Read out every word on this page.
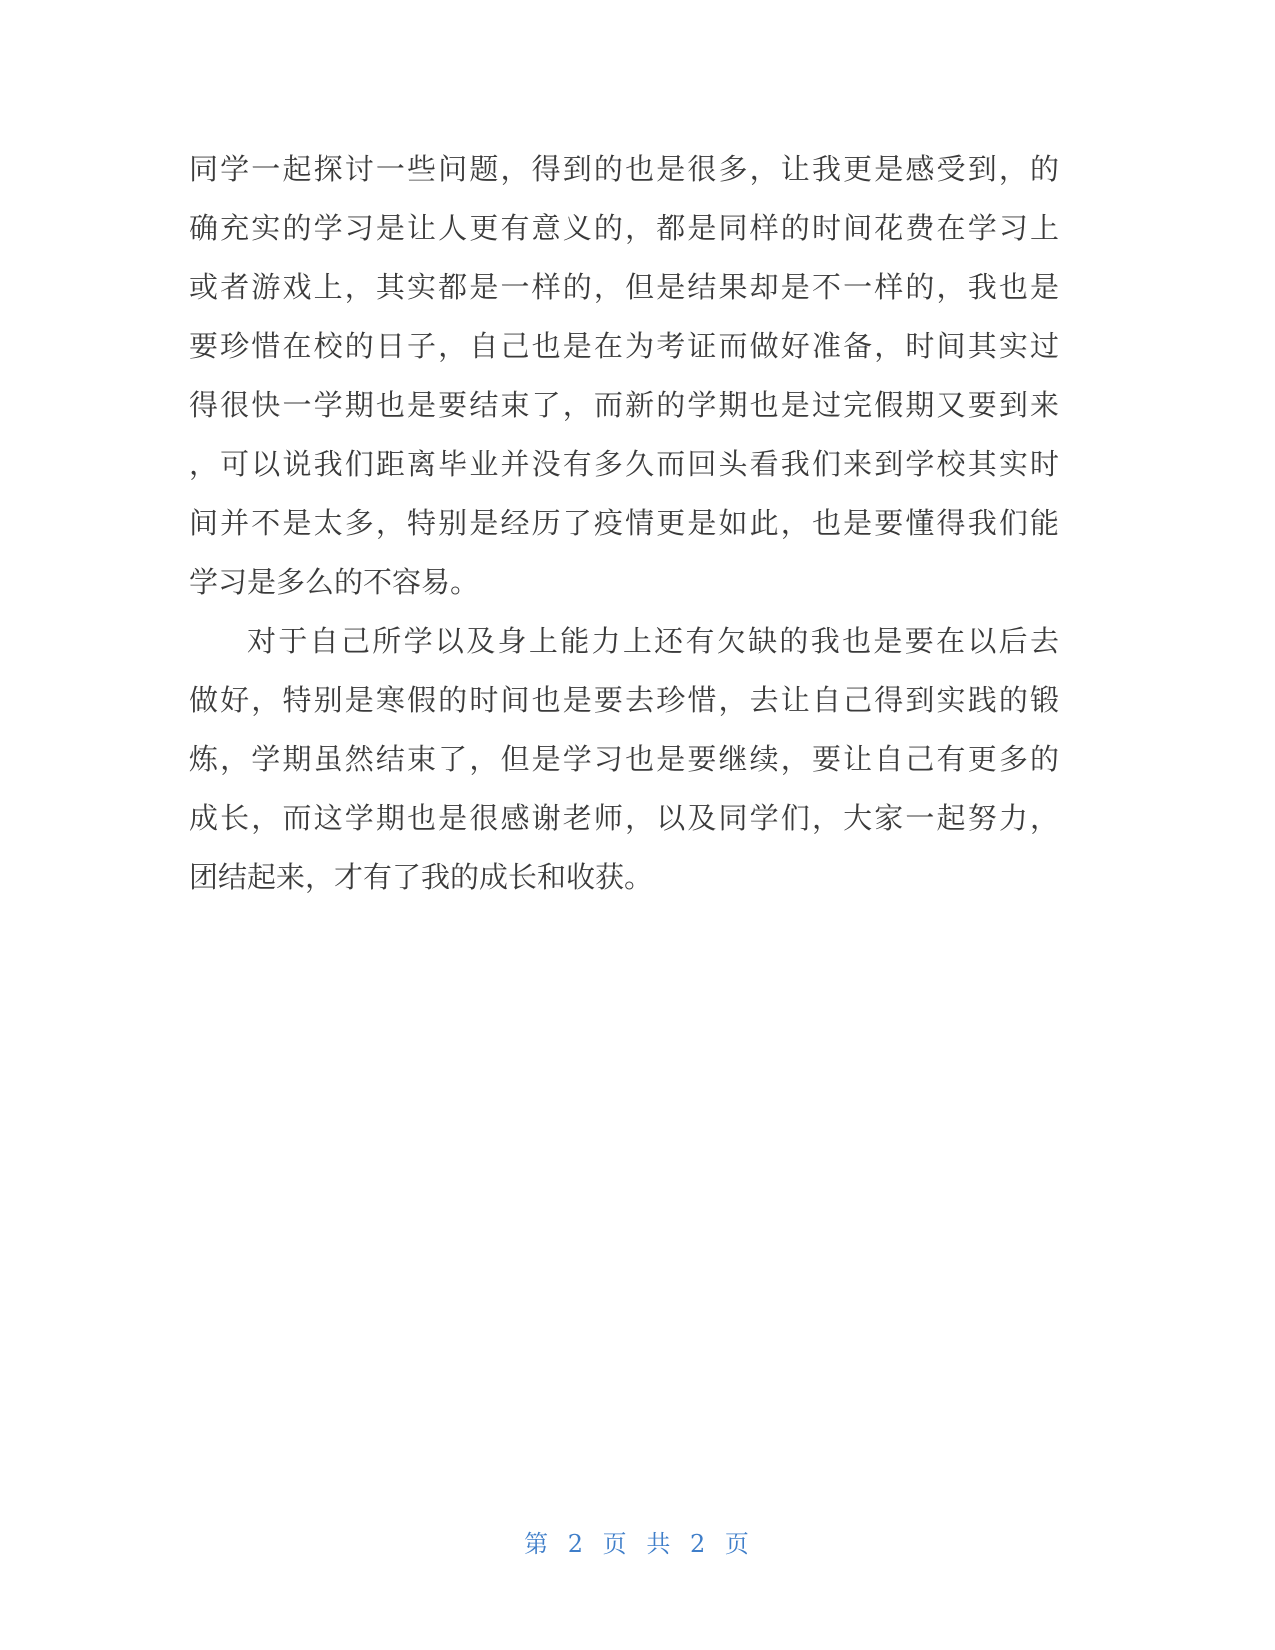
同学一起探讨一些问题，得到的也是很多，让我更是感受到，的
确充实的学习是让人更有意义的，都是同样的时间花费在学习上
或者游戏上，其实都是一样的，但是结果却是不一样的，我也是
要珍惜在校的日子，自己也是在为考证而做好准备，时间其实过
得很快一学期也是要结束了，而新的学期也是过完假期又要到来
，可以说我们距离毕业并没有多久而回头看我们来到学校其实时
间并不是太多，特别是经历了疫情更是如此，也是要懂得我们能
学习是多么的不容易。
对于自己所学以及身上能力上还有欠缺的我也是要在以后去
做好，特别是寒假的时间也是要去珍惜，去让自己得到实践的锻
炼，学期虽然结束了，但是学习也是要继续，要让自己有更多的
成长，而这学期也是很感谢老师，以及同学们，大家一起努力，
团结起来，才有了我的成长和收获。
第 2 页 共 2 页
